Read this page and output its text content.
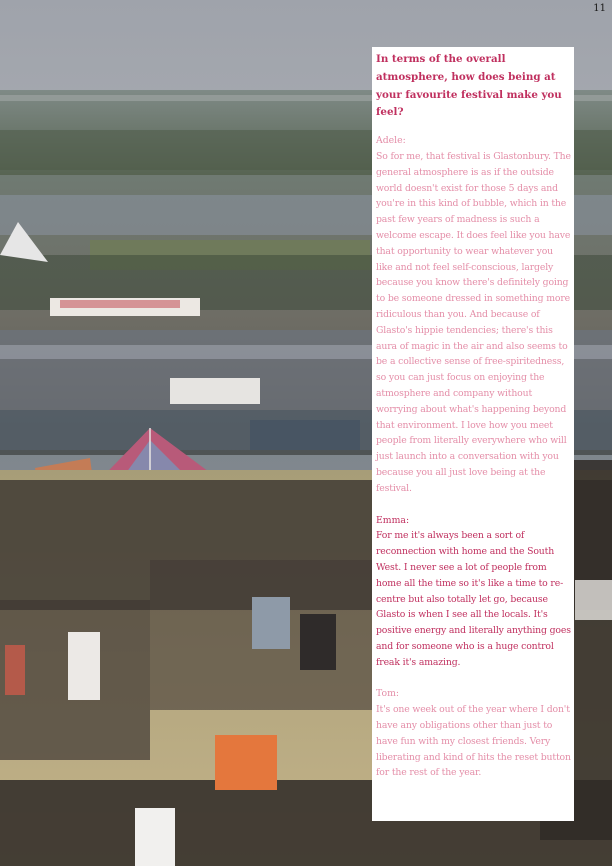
11

In terms of the overall atmosphere, how does being at your favourite festival make you feel?

Adele:

So for me, that festival is Glastonbury. The general atmosphere is as if the outside world doesn't exist for those 5 days and you're in this kind of bubble, which in the past few years of madness is such a welcome escape. It does feel like you have that opportunity to wear whatever you like and not feel self-conscious, largely because you know there's definitely going to be someone dressed in something more ridiculous than you. And because of Glasto's hippie tendencies; there's this aura of magic in the air and also seems to be a collective sense of free-spiritedness, so you can just focus on enjoying the atmosphere and company without worrying about what's happening beyond that environment. I love how you meet people from literally everywhere who will just launch into a conversation with you because you all just love being at the festival.

Emma:

For me it's always been a sort of reconnection with home and the South West. I never see a lot of people from home all the time so it's like a time to re-centre but also totally let go, because Glasto is when I see all the locals. It's positive energy and literally anything goes and for someone who is a huge control freak it's amazing.

Tom:

It's one week out of the year where I don't have any obligations other than just to have fun with my closest friends. Very liberating and kind of hits the reset button for the rest of the year.
